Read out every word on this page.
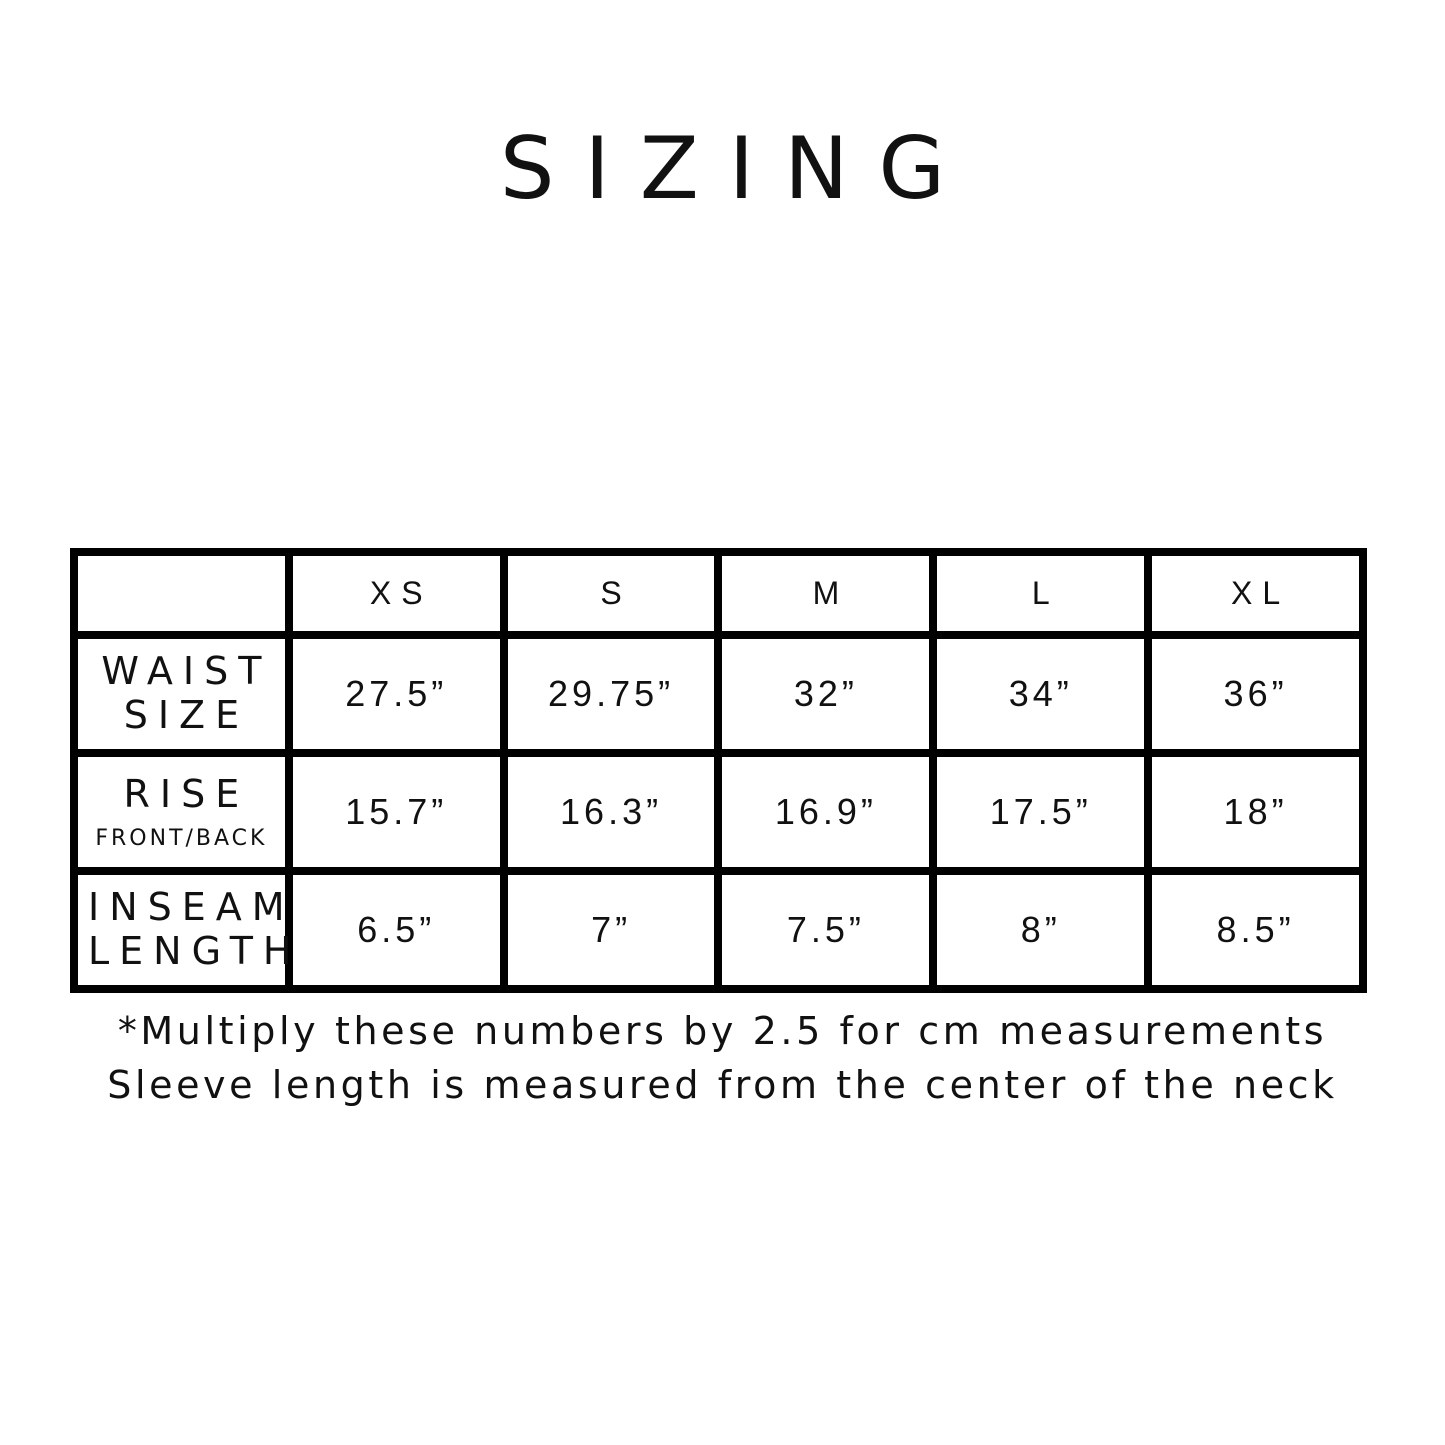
SIZING
	XS	S	M	L	XL

WAIST
SIZE	27.5”	29.75”	32”	34”	36”

RISE
FRONT/BACK	15.7”	16.3”	16.9”	17.5”	18”

INSEAM
LENGTH	6.5”	7”	7.5”	8”	8.5”
*Multiply these numbers by 2.5 for cm measurements
Sleeve length is measured from the center of the neck
